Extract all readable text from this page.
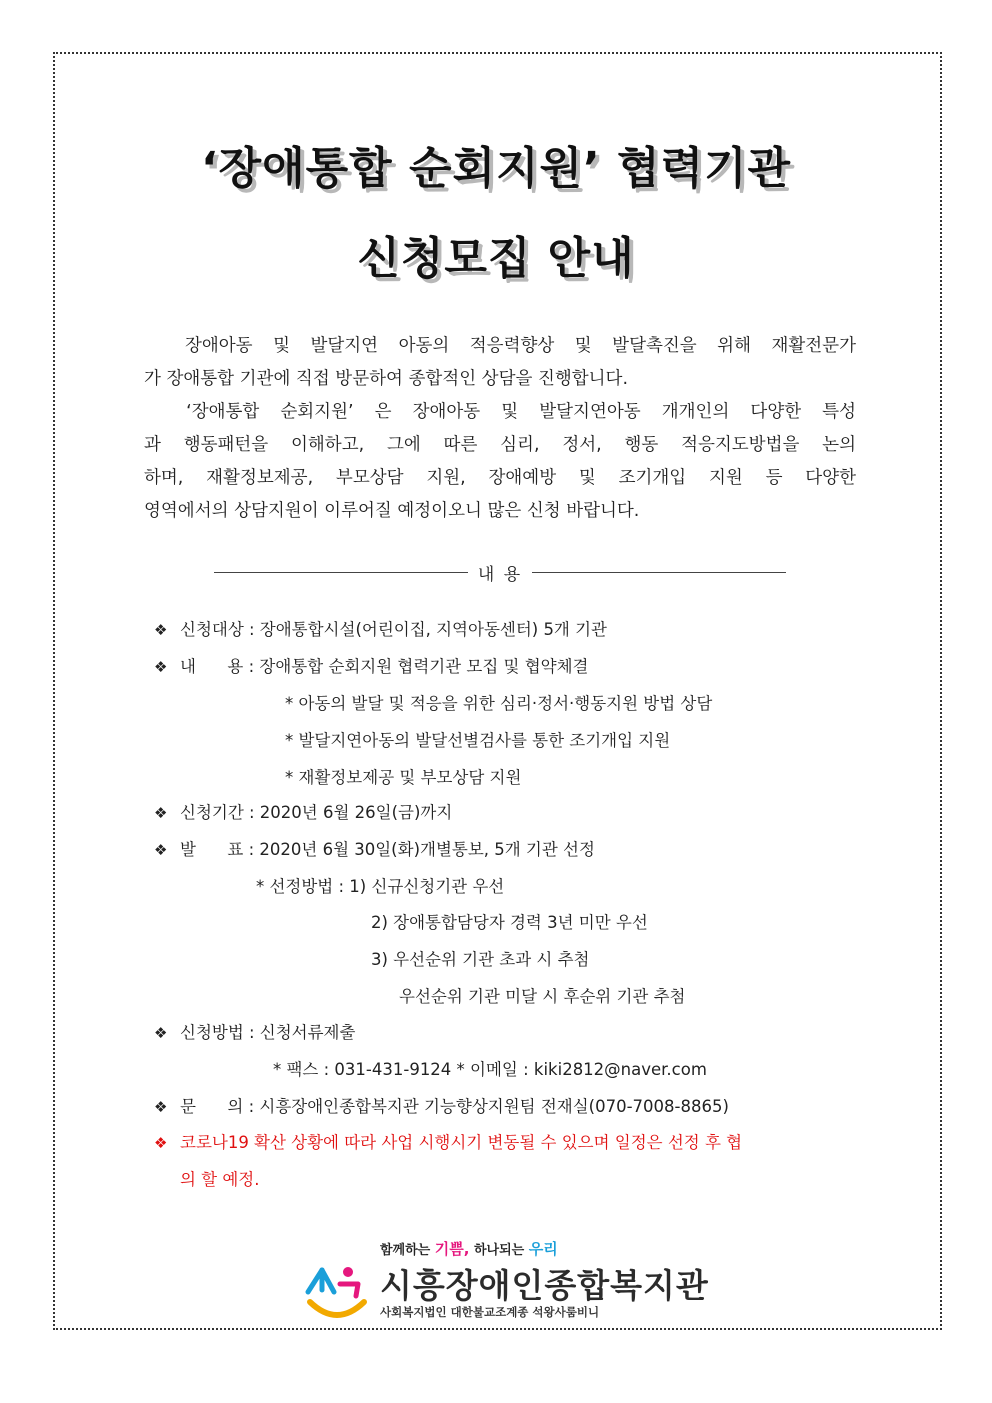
‘장애통합 순회지원’ 협력기관
신청모집 안내

장애아동 및 발달지연 아동의 적응력향상 및 발달촉진을 위해 재활전문가

가 장애통합 기관에 직접 방문하여 종합적인 상담을 진행합니다.

‘장애통합 순회지원’ 은 장애아동 및 발달지연아동 개개인의 다양한 특성

과 행동패턴을 이해하고, 그에 따른 심리, 정서, 행동 적응지도방법을 논의

하며, 재활정보제공, 부모상담 지원, 장애예방 및 조기개입 지원 등 다양한

영역에서의 상담지원이 이루어질 예정이오니 많은 신청 바랍니다.

내 용
❖ 신청대상 : 장애통합시설(어린이집, 지역아동센터) 5개 기관
❖ 내      용 : 장애통합 순회지원 협력기관 모집 및 협약체결
* 아동의 발달 및 적응을 위한 심리·정서·행동지원 방법 상담
* 발달지연아동의 발달선별검사를 통한 조기개입 지원
* 재활정보제공 및 부모상담 지원
❖ 신청기간 : 2020년 6월 26일(금)까지
❖ 발      표 : 2020년 6월 30일(화)개별통보, 5개 기관 선정
* 선정방법 : 1) 신규신청기관 우선
2) 장애통합담당자 경력 3년 미만 우선
3) 우선순위 기관 초과 시 추첨
우선순위 기관 미달 시 후순위 기관 추첨
❖ 신청방법 : 신청서류제출
* 팩스 : 031-431-9124 * 이메일 : kiki2812@naver.com
❖ 문      의 : 시흥장애인종합복지관 기능향상지원팀 전재실(070-7008-8865)
❖ 코로나19 확산 상황에 따라 사업 시행시기 변동될 수 있으며 일정은 선정 후 협
의 할 예정.
함께하는 기쁨, 하나되는 우리
시흥장애인종합복지관
사회복지법인 대한불교조계종 석왕사룸비니
